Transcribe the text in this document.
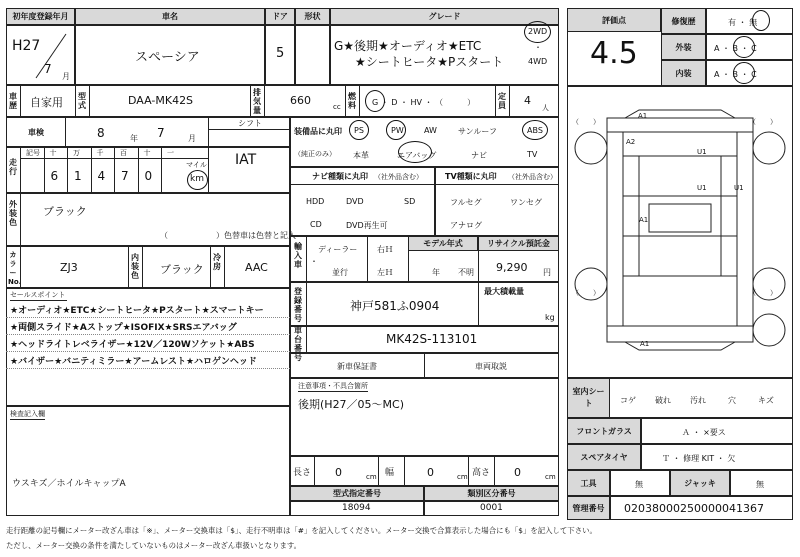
初年度登録年月	車名	ドア	形状	グレード
H27
7
月
スペーシア	5	G★後期★オーディオ★ETC
★シートヒータ★Pスタート
2WD
・
4WD
車歴 自家用 型式	DAA-MK42S
排気量
660	cc
燃料 G ・ D ・ HV ・ （　　　）
定員 4
人
車検	8	年 7	月
シフト
走行
IAT
記号 十 万 千 百 十 一
6 1 4 7 0
マイル
km
外装色
ブラック
（　　　　　　）色替車は色替と記入
カラーNo.
ZJ3
内装色 ブラック
冷房 AAC
セールスポイント
★オーディオ★ETC★シートヒータ★Pスタート★スマートキー
★両側スライド★Aストップ★ISOFIX★SRSエアバッグ
★ヘッドライトレベライザー★12V／120Wソケット★ABS
★バイザー★バニティミラー★アームレスト★ハロゲンヘッド
検査記入欄
ウスキズ／ホイルキャップA
装備品に丸印
（純正のみ）
PS	PW	AW	サンルーフ	ABS
本革	エアバッグ	ナビ	TV
ナビ種類に丸印 （社外品含む）
HDD	DVD	SD
CD	DVD再生可
TV種類に丸印 （社外品含む）
フルセグ	ワンセグ
アナログ
輸入車
ディーラー
・
並行
右Ｈ
左Ｈ
モデル年式
年 不明
リサイクル預託金
9,290 円
登録番号
神戸581ふ0904
最大積載量
kg
車台番号
MK42S-113101
新車保証書	車両取説
注意事項・不具合箇所
後期(H27／05～MC)
長さ 0	cm 幅	0	cm 高さ 0	cm
型式指定番号	類別区分番号
18094	0001
評価点
4.5
修復歴	有 ・ 無
外装	A ・ B ・ C
内装	A ・ B ・ C
（　　）	（　　）
（　　）	（　　）
A1
U1
A2
U1	U1
A1
A1
室内シート	コゲ 破れ 汚れ	穴	キズ
フロントガラス	Ａ ・ ×要ス
スペアタイヤ	Ｔ ・ 修理 KIT ・ 欠
工具	無	ジャッキ	無
管理番号	02038000250000041367
走行距離の記号欄にメーター改ざん車は「※」、メーター交換車は「$」、走行不明車は「#」を記入してください。メーター交換で合算表示した場合にも「$」を記入して下さい。
ただし、メーター交換の条件を満たしていないものはメーター改ざん車扱いとなります。
